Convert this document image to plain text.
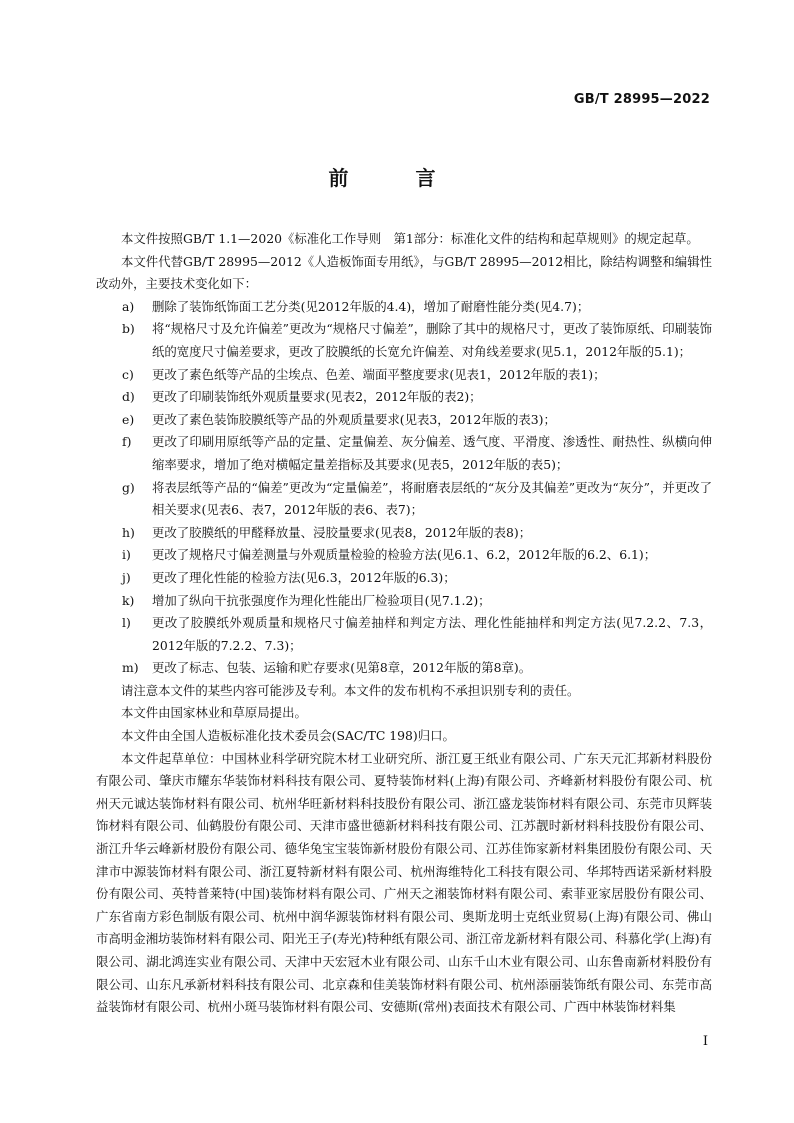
GB/T 28995—2022
前 言

本文件按照GB/T 1.1—2020《标准化工作导则　第1部分：标准化文件的结构和起草规则》的规定起草。

本文件代替GB/T 28995—2012《人造板饰面专用纸》，与GB/T 28995—2012相比，除结构调整和编辑性改动外，主要技术变化如下：

a) 删除了装饰纸饰面工艺分类(见2012年版的4.4)，增加了耐磨性能分类(见4.7)；
b) 将“规格尺寸及允许偏差”更改为“规格尺寸偏差”，删除了其中的规格尺寸，更改了装饰原纸、印刷装饰纸的宽度尺寸偏差要求，更改了胶膜纸的长宽允许偏差、对角线差要求(见5.1，2012年版的5.1)；
c) 更改了素色纸等产品的尘埃点、色差、端面平整度要求(见表1，2012年版的表1)；
d) 更改了印刷装饰纸外观质量要求(见表2，2012年版的表2)；
e) 更改了素色装饰胶膜纸等产品的外观质量要求(见表3，2012年版的表3)；
f) 更改了印刷用原纸等产品的定量、定量偏差、灰分偏差、透气度、平滑度、渗透性、耐热性、纵横向伸缩率要求，增加了绝对横幅定量差指标及其要求(见表5，2012年版的表5)；
g) 将表层纸等产品的“偏差”更改为“定量偏差”，将耐磨表层纸的“灰分及其偏差”更改为“灰分”，并更改了相关要求(见表6、表7，2012年版的表6、表7)；
h) 更改了胶膜纸的甲醛释放量、浸胶量要求(见表8，2012年版的表8)；
i) 更改了规格尺寸偏差测量与外观质量检验的检验方法(见6.1、6.2，2012年版的6.2、6.1)；
j) 更改了理化性能的检验方法(见6.3，2012年版的6.3)；
k) 增加了纵向干抗张强度作为理化性能出厂检验项目(见7.1.2)；
l) 更改了胶膜纸外观质量和规格尺寸偏差抽样和判定方法、理化性能抽样和判定方法(见7.2.2、7.3，2012年版的7.2.2、7.3)；
m) 更改了标志、包装、运输和贮存要求(见第8章，2012年版的第8章)。

请注意本文件的某些内容可能涉及专利。本文件的发布机构不承担识别专利的责任。

本文件由国家林业和草原局提出。

本文件由全国人造板标准化技术委员会(SAC/TC 198)归口。

本文件起草单位：中国林业科学研究院木材工业研究所、浙江夏王纸业有限公司、广东天元汇邦新材料股份有限公司、肇庆市耀东华装饰材料科技有限公司、夏特装饰材料(上海)有限公司、齐峰新材料股份有限公司、杭州天元诚达装饰材料有限公司、杭州华旺新材料科技股份有限公司、浙江盛龙装饰材料有限公司、东莞市贝辉装饰材料有限公司、仙鹤股份有限公司、天津市盛世德新材料科技有限公司、江苏靓时新材料科技股份有限公司、浙江升华云峰新材股份有限公司、德华兔宝宝装饰新材股份有限公司、江苏佳饰家新材料集团股份有限公司、天津市中源装饰材料有限公司、浙江夏特新材料有限公司、杭州海维特化工科技有限公司、华邦特西诺采新材料股份有限公司、英特普莱特(中国)装饰材料有限公司、广州天之湘装饰材料有限公司、索菲亚家居股份有限公司、广东省南方彩色制版有限公司、杭州中润华源装饰材料有限公司、奥斯龙明士克纸业贸易(上海)有限公司、佛山市高明金湘坊装饰材料有限公司、阳光王子(寿光)特种纸有限公司、浙江帝龙新材料有限公司、科慕化学(上海)有限公司、湖北鸿连实业有限公司、天津中天宏冠木业有限公司、山东千山木业有限公司、山东鲁南新材料股份有限公司、山东凡承新材料科技有限公司、北京森和佳美装饰材料有限公司、杭州添丽装饰纸有限公司、东莞市高益装饰材有限公司、杭州小斑马装饰材料有限公司、安德斯(常州)表面技术有限公司、广西中林装饰材料集

I
